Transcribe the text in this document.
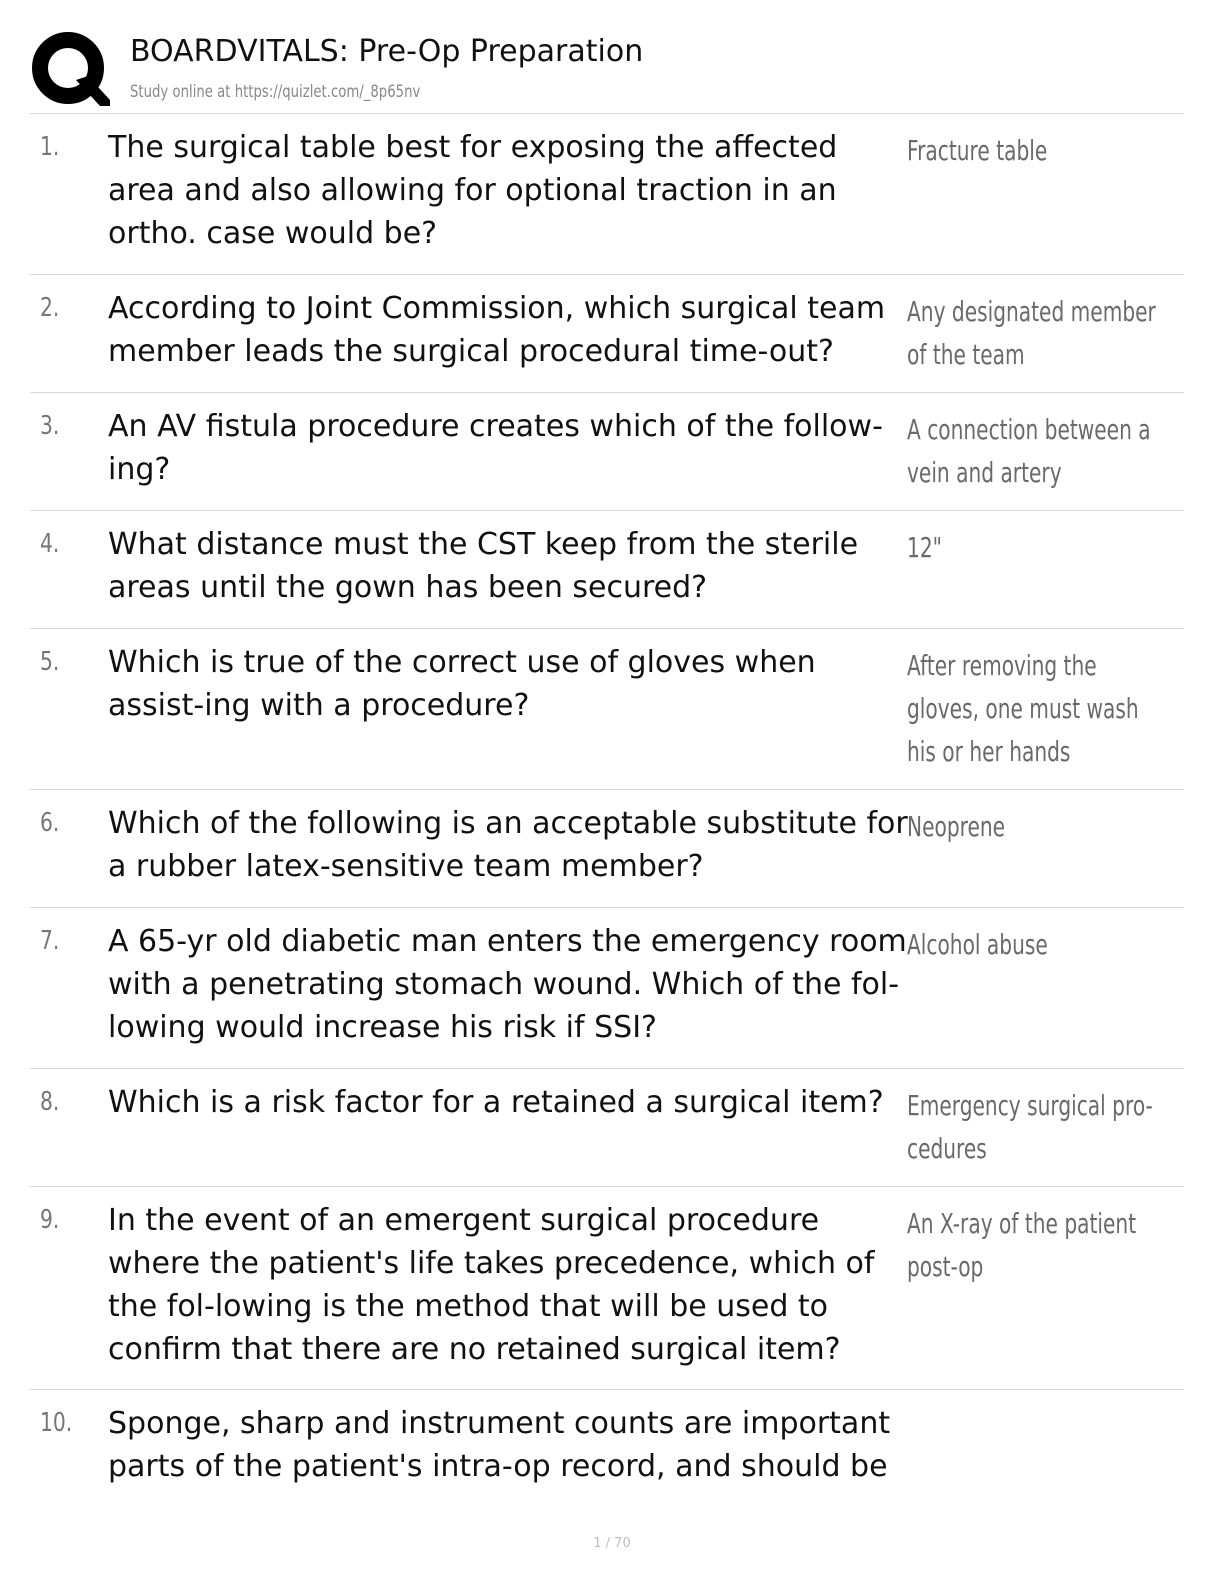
BOARDVITALS: Pre-Op Preparation
Study online at https://quizlet.com/_8p65nv
1. The surgical table best for exposing the affected area and also allowing for optional traction in an ortho. case would be?
Fracture table
2. According to Joint Commission, which surgical team member leads the surgical procedural time-out?
Any designated member of the team
3. An AV fistula procedure creates which of the follow-ing?
A connection between a vein and artery
4. What distance must the CST keep from the sterile areas until the gown has been secured?
12"
5. Which is true of the correct use of gloves when assist-ing with a procedure?
After removing the gloves, one must wash his or her hands
6. Which of the following is an acceptable substitute for a rubber latex-sensitive team member?
Neoprene
7. A 65-yr old diabetic man enters the emergency room with a penetrating stomach wound. Which of the fol-lowing would increase his risk if SSI?
Alcohol abuse
8. Which is a risk factor for a retained a surgical item? Emergency surgical pro-cedures
9. In the event of an emergent surgical procedure where the patient's life takes precedence, which of the fol-lowing is the method that will be used to confirm that there are no retained surgical item?
An X-ray of the patient post-op
10. Sponge, sharp and instrument counts are important parts of the patient's intra-op record, and should be
1 / 70
